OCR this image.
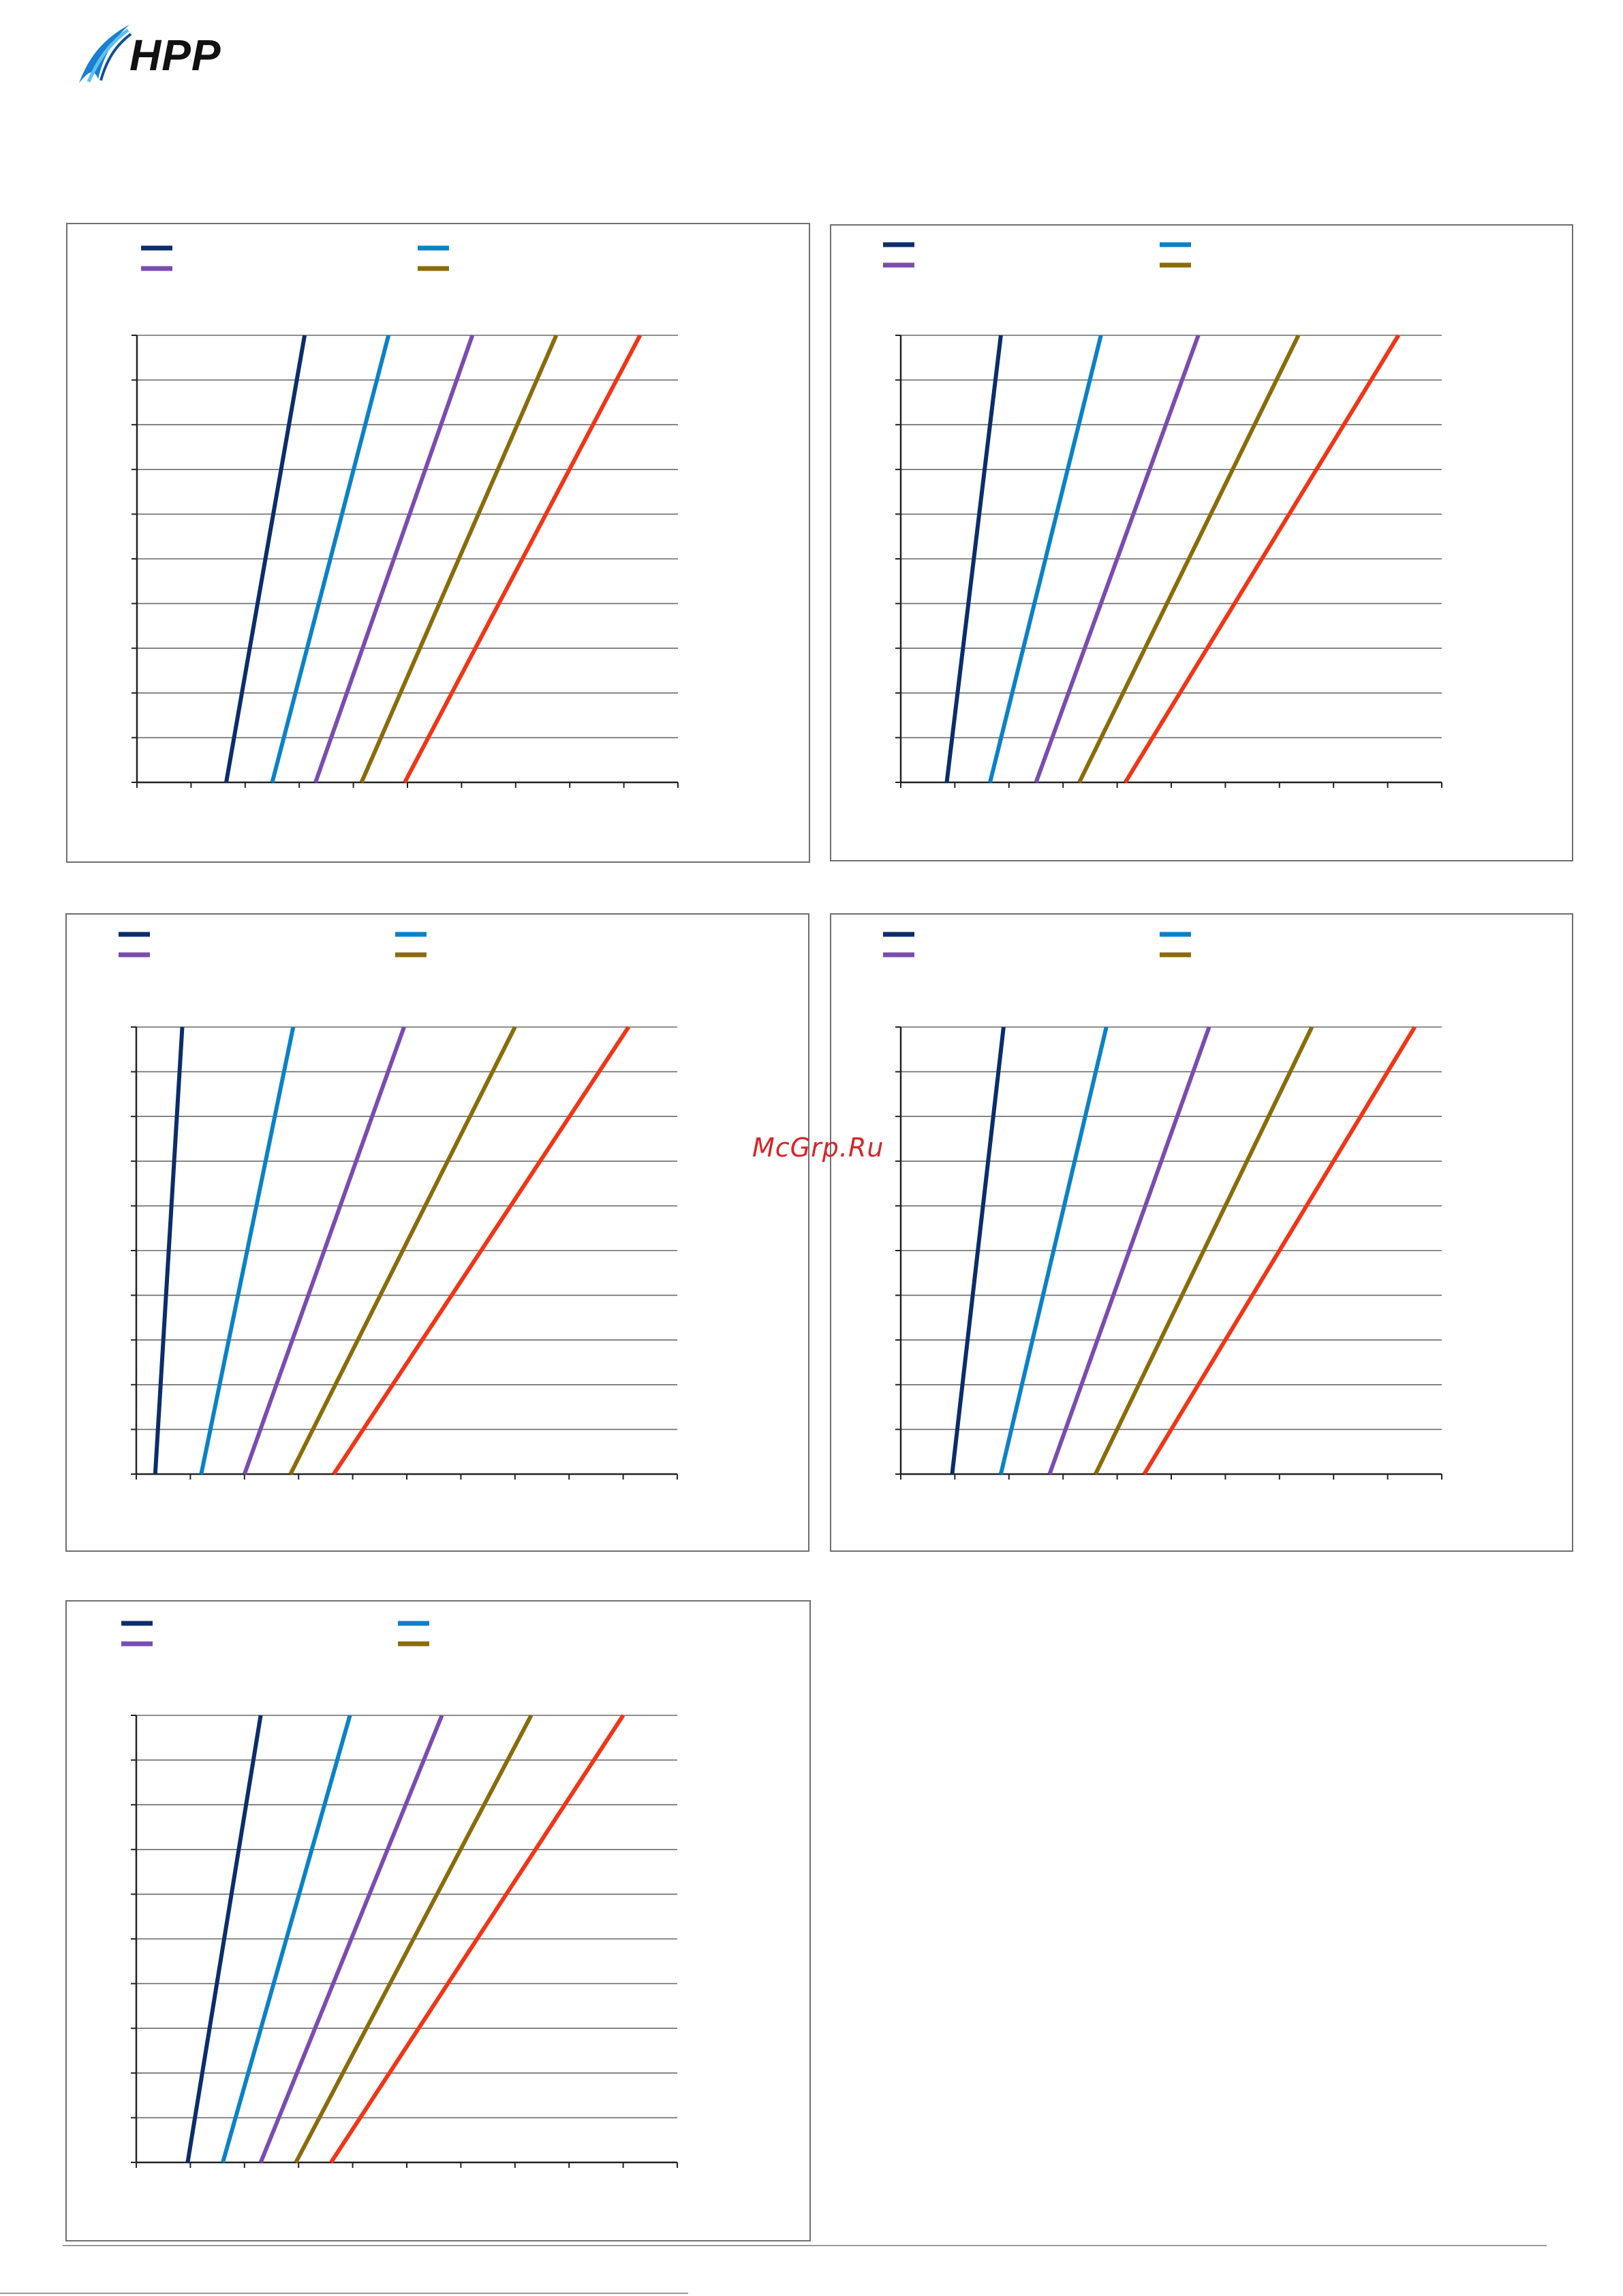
HPP
McGrp.Ru
